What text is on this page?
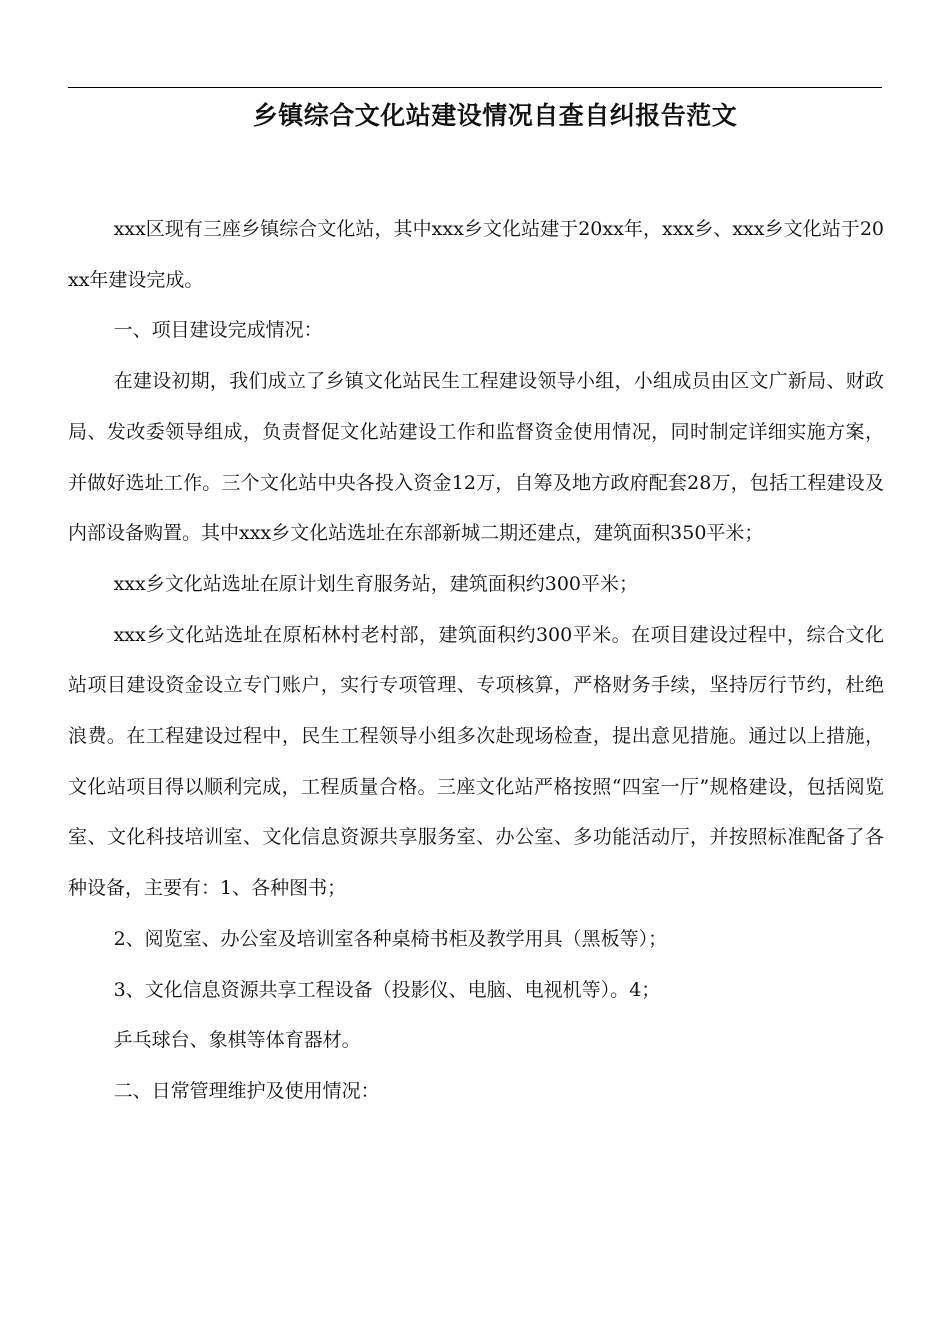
乡镇综合文化站建设情况自查自纠报告范文

xxx区现有三座乡镇综合文化站，其中xxx乡文化站建于20xx年，xxx乡、xxx乡文化站于20xx年建设完成。

一、项目建设完成情况：

在建设初期，我们成立了乡镇文化站民生工程建设领导小组，小组成员由区文广新局、财政局、发改委领导组成，负责督促文化站建设工作和监督资金使用情况，同时制定详细实施方案，并做好选址工作。三个文化站中央各投入资金12万，自筹及地方政府配套28万，包括工程建设及内部设备购置。其中xxx乡文化站选址在东部新城二期还建点，建筑面积350平米；

xxx乡文化站选址在原计划生育服务站，建筑面积约300平米；

xxx乡文化站选址在原柘林村老村部，建筑面积约300平米。在项目建设过程中，综合文化站项目建设资金设立专门账户，实行专项管理、专项核算，严格财务手续，坚持厉行节约，杜绝浪费。在工程建设过程中，民生工程领导小组多次赴现场检查，提出意见措施。通过以上措施，文化站项目得以顺利完成，工程质量合格。三座文化站严格按照“四室一厅”规格建设，包括阅览室、文化科技培训室、文化信息资源共享服务室、办公室、多功能活动厅，并按照标准配备了各种设备，主要有：1、各种图书；

2、阅览室、办公室及培训室各种桌椅书柜及教学用具（黑板等）；

3、文化信息资源共享工程设备（投影仪、电脑、电视机等）。4；

乒乓球台、象棋等体育器材。

二、日常管理维护及使用情况：
